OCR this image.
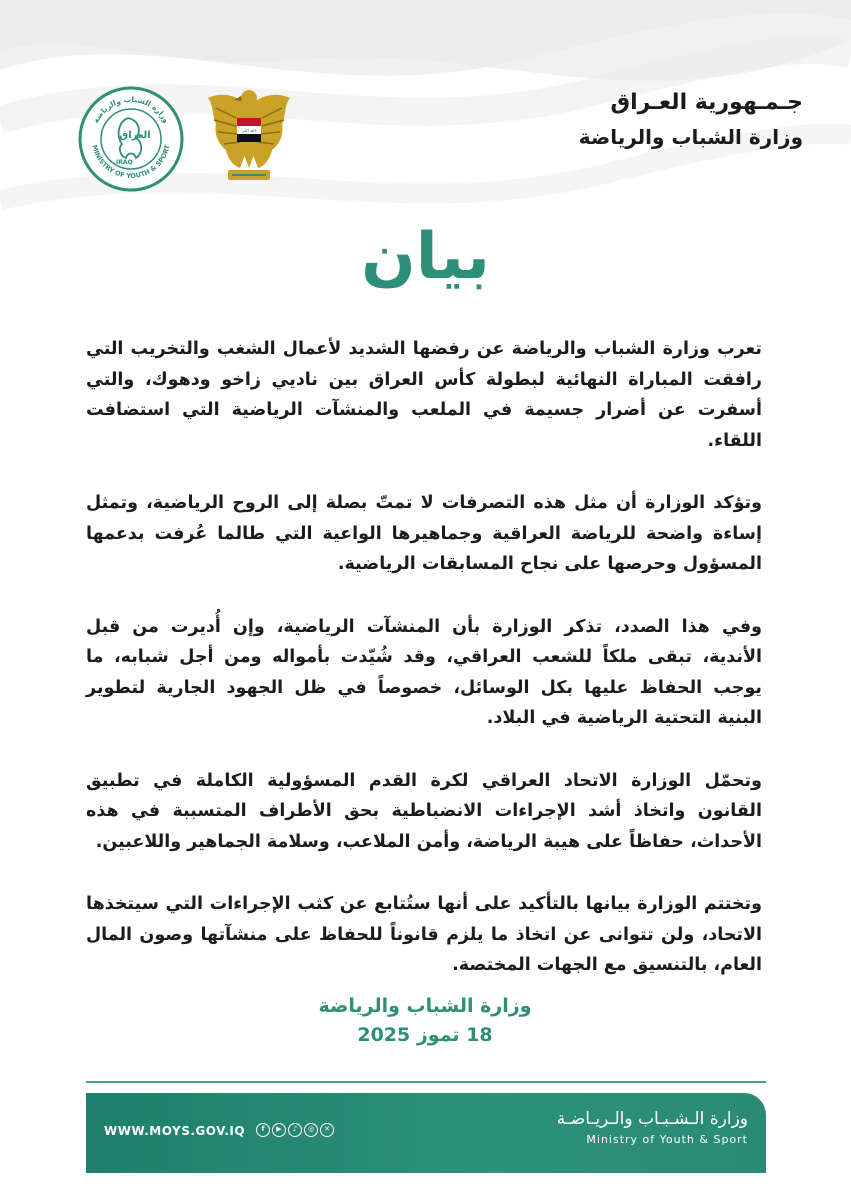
جـمـهورية العـراق
وزارة الشباب والرياضة
الله أكبر
وزارة الشباب والرياضة
MINISTRY OF YOUTH & SPORT
العراق
IRAQ
بيان

تعرب وزارة الشباب والرياضة عن رفضها الشديد لأعمال الشغب والتخريب التي رافقت المباراة النهائية لبطولة كأس العراق بين ناديي زاخو ودهوك، والتي أسفرت عن أضرار جسيمة في الملعب والمنشآت الرياضية التي استضافت اللقاء.

وتؤكد الوزارة أن مثل هذه التصرفات لا تمتّ بصلة إلى الروح الرياضية، وتمثل إساءة واضحة للرياضة العراقية وجماهيرها الواعية التي طالما عُرفت بدعمها المسؤول وحرصها على نجاح المسابقات الرياضية.

وفي هذا الصدد، تذكر الوزارة بأن المنشآت الرياضية، وإن أُديرت من قبل الأندية، تبقى ملكاً للشعب العراقي، وقد شُيّدت بأمواله ومن أجل شبابه، ما يوجب الحفاظ عليها بكل الوسائل، خصوصاً في ظل الجهود الجارية لتطوير البنية التحتية الرياضية في البلاد.

وتحمّل الوزارة الاتحاد العراقي لكرة القدم المسؤولية الكاملة في تطبيق القانون واتخاذ أشد الإجراءات الانضباطية بحق الأطراف المتسببة في هذه الأحداث، حفاظاً على هيبة الرياضة، وأمن الملاعب، وسلامة الجماهير واللاعبين.

وتختتم الوزارة بيانها بالتأكيد على أنها ستُتابع عن كثب الإجراءات التي سيتخذها الاتحاد، ولن تتوانى عن اتخاذ ما يلزم قانوناً للحفاظ على منشآتها وصون المال العام، بالتنسيق مع الجهات المختصة.

وزارة الشباب والرياضة
18 تموز 2025
WWW.MOYS.GOV.IQ	f	▶	♪	◎	✕	وزارة الـشـبـاب والـريـاضـة
Ministry of Youth & Sport
